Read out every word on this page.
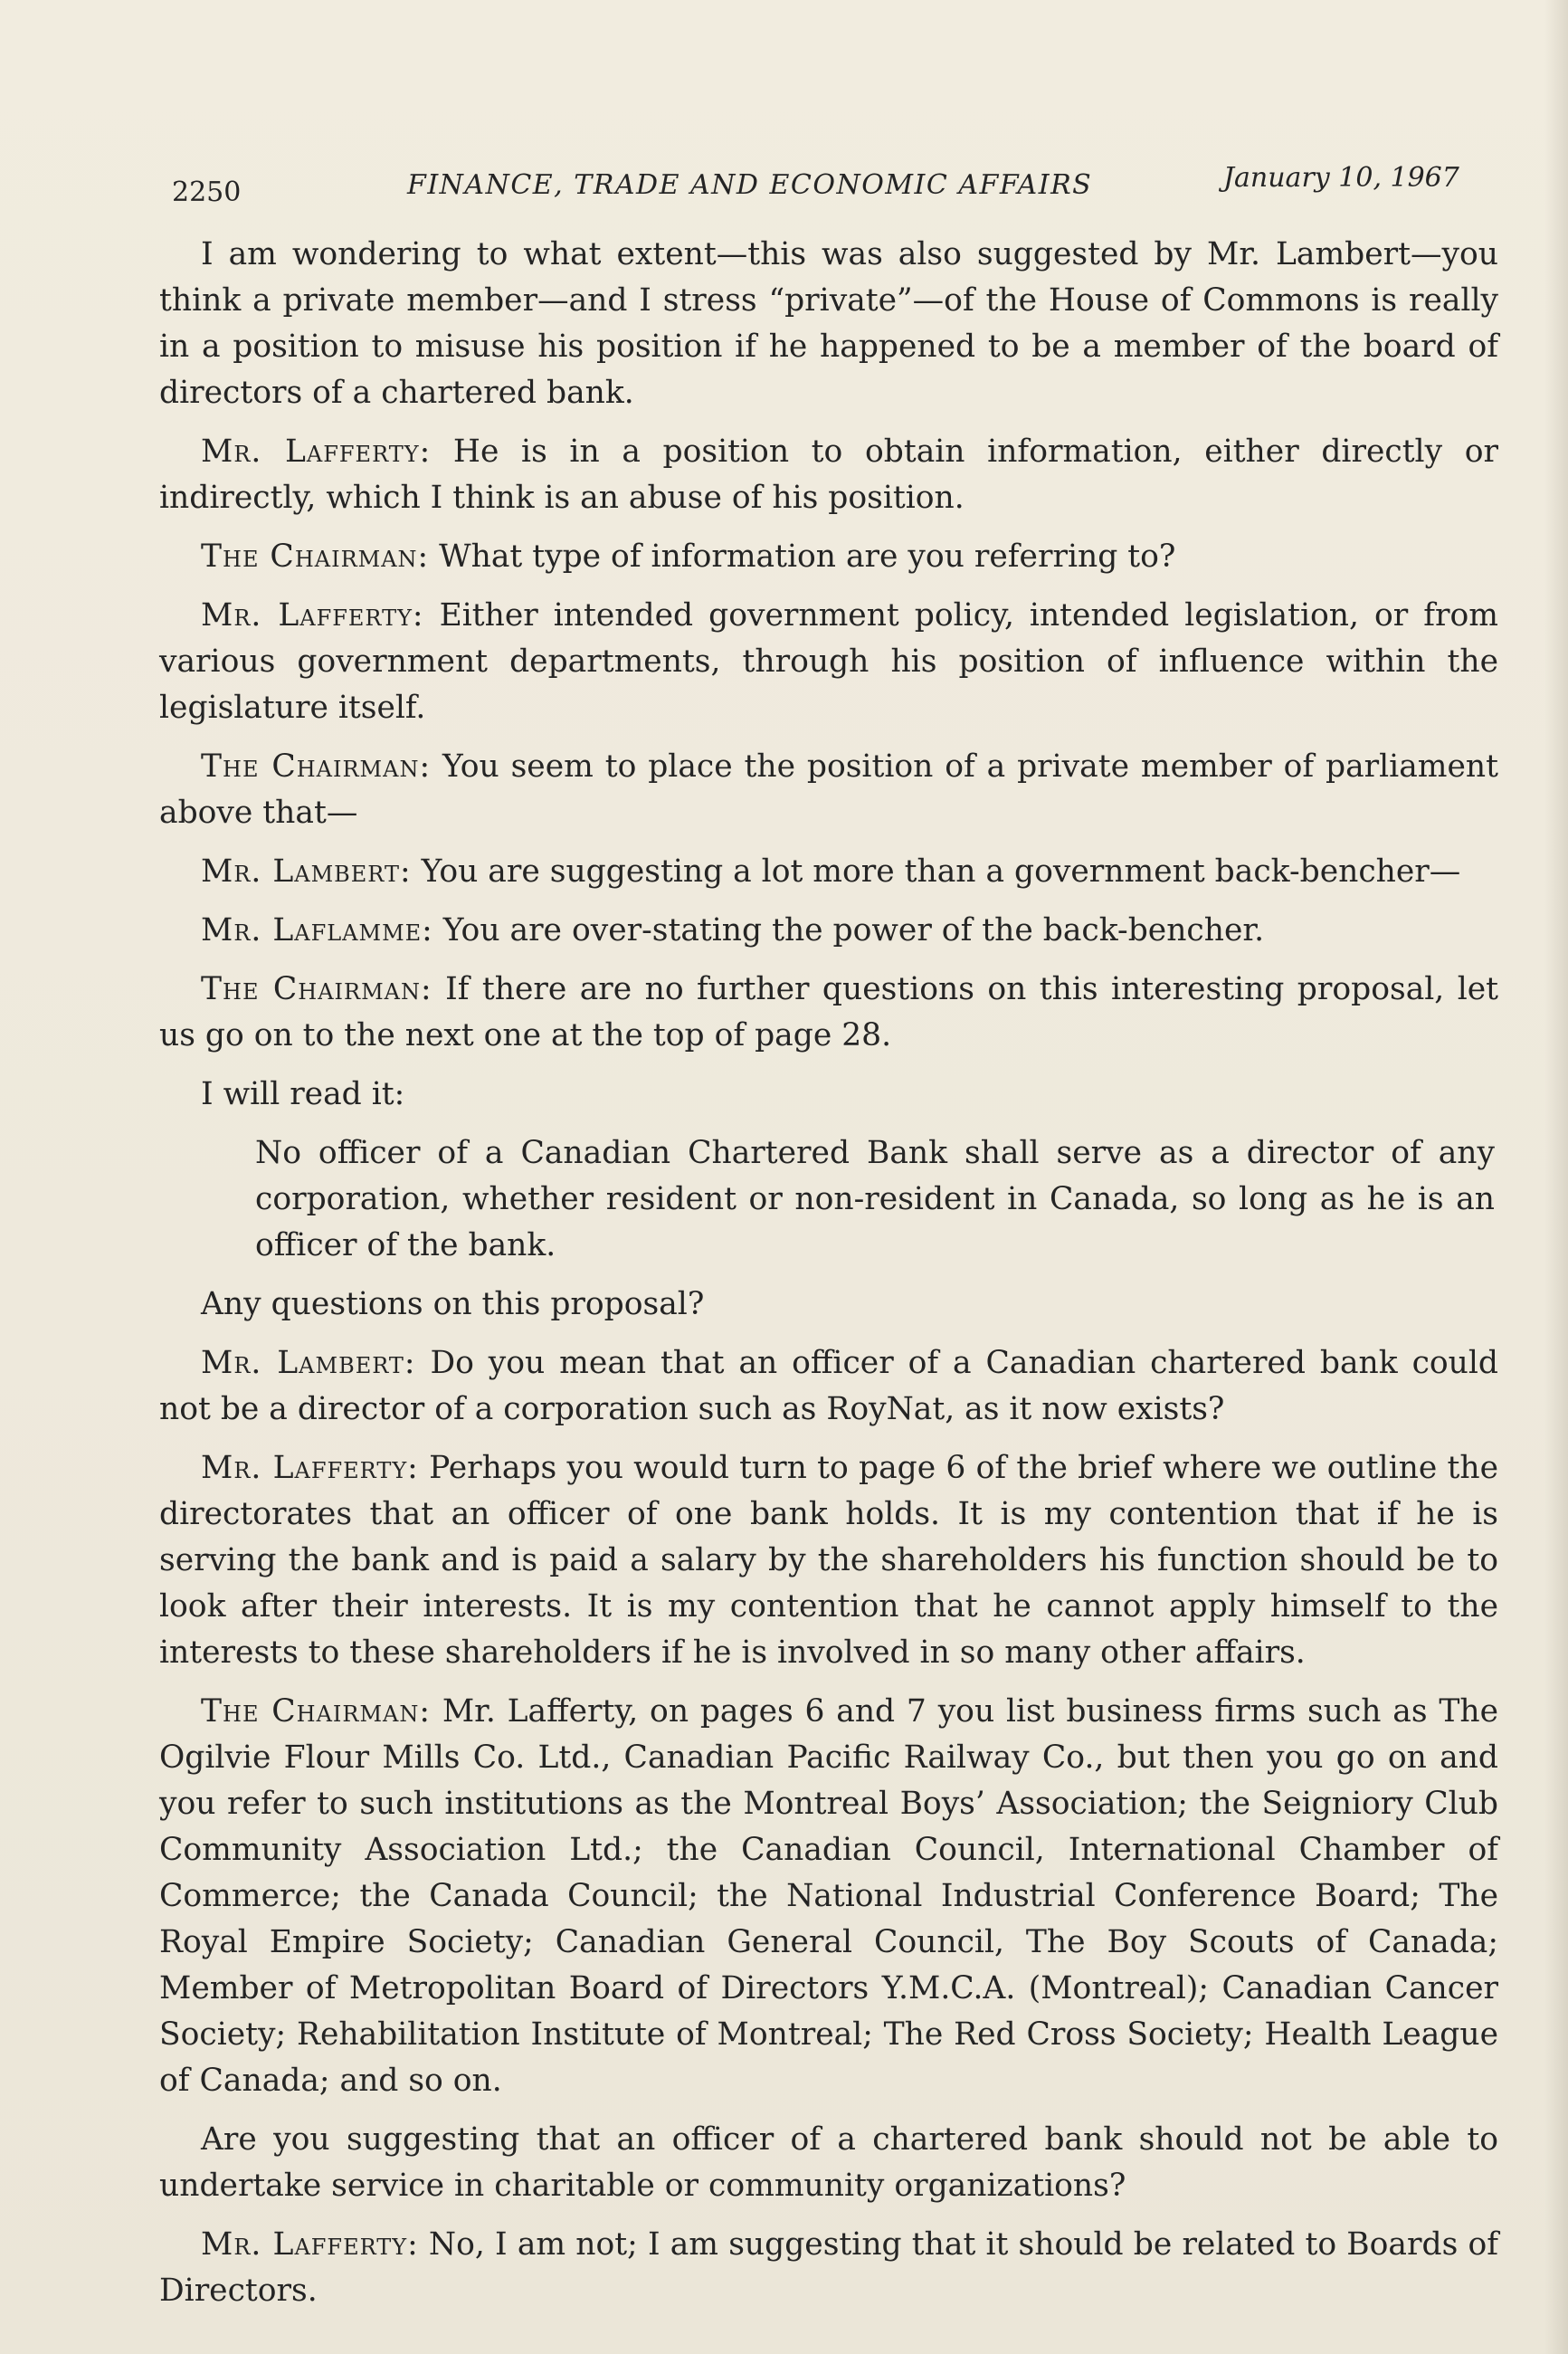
2250	FINANCE, TRADE AND ECONOMIC AFFAIRS	January 10, 1967

I am wondering to what extent—this was also suggested by Mr. Lambert—you think a private member—and I stress “private”—of the House of Commons is really in a position to misuse his position if he happened to be a member of the board of directors of a chartered bank.

Mr. Lafferty: He is in a position to obtain information, either directly or indirectly, which I think is an abuse of his position.

The Chairman: What type of information are you referring to?

Mr. Lafferty: Either intended government policy, intended legislation, or from various government departments, through his position of influence within the legislature itself.

The Chairman: You seem to place the position of a private member of parliament above that—

Mr. Lambert: You are suggesting a lot more than a government back-bencher—

Mr. Laflamme: You are over-stating the power of the back-bencher.

The Chairman: If there are no further questions on this interesting proposal, let us go on to the next one at the top of page 28.

I will read it:

No officer of a Canadian Chartered Bank shall serve as a director of any corporation, whether resident or non-resident in Canada, so long as he is an officer of the bank.

Any questions on this proposal?

Mr. Lambert: Do you mean that an officer of a Canadian chartered bank could not be a director of a corporation such as RoyNat, as it now exists?

Mr. Lafferty: Perhaps you would turn to page 6 of the brief where we outline the directorates that an officer of one bank holds. It is my contention that if he is serving the bank and is paid a salary by the shareholders his function should be to look after their interests. It is my contention that he cannot apply himself to the interests to these shareholders if he is involved in so many other affairs.

The Chairman: Mr. Lafferty, on pages 6 and 7 you list business firms such as The Ogilvie Flour Mills Co. Ltd., Canadian Pacific Railway Co., but then you go on and you refer to such institutions as the Montreal Boys’ Association; the Seigniory Club Community Association Ltd.; the Canadian Council, International Chamber of Commerce; the Canada Council; the National Industrial Conference Board; The Royal Empire Society; Canadian General Council, The Boy Scouts of Canada; Member of Metropolitan Board of Directors Y.M.C.A. (Montreal); Canadian Cancer Society; Rehabilitation Institute of Montreal; The Red Cross Society; Health League of Canada; and so on.

Are you suggesting that an officer of a chartered bank should not be able to undertake service in charitable or community organizations?

Mr. Lafferty: No, I am not; I am suggesting that it should be related to Boards of Directors.
